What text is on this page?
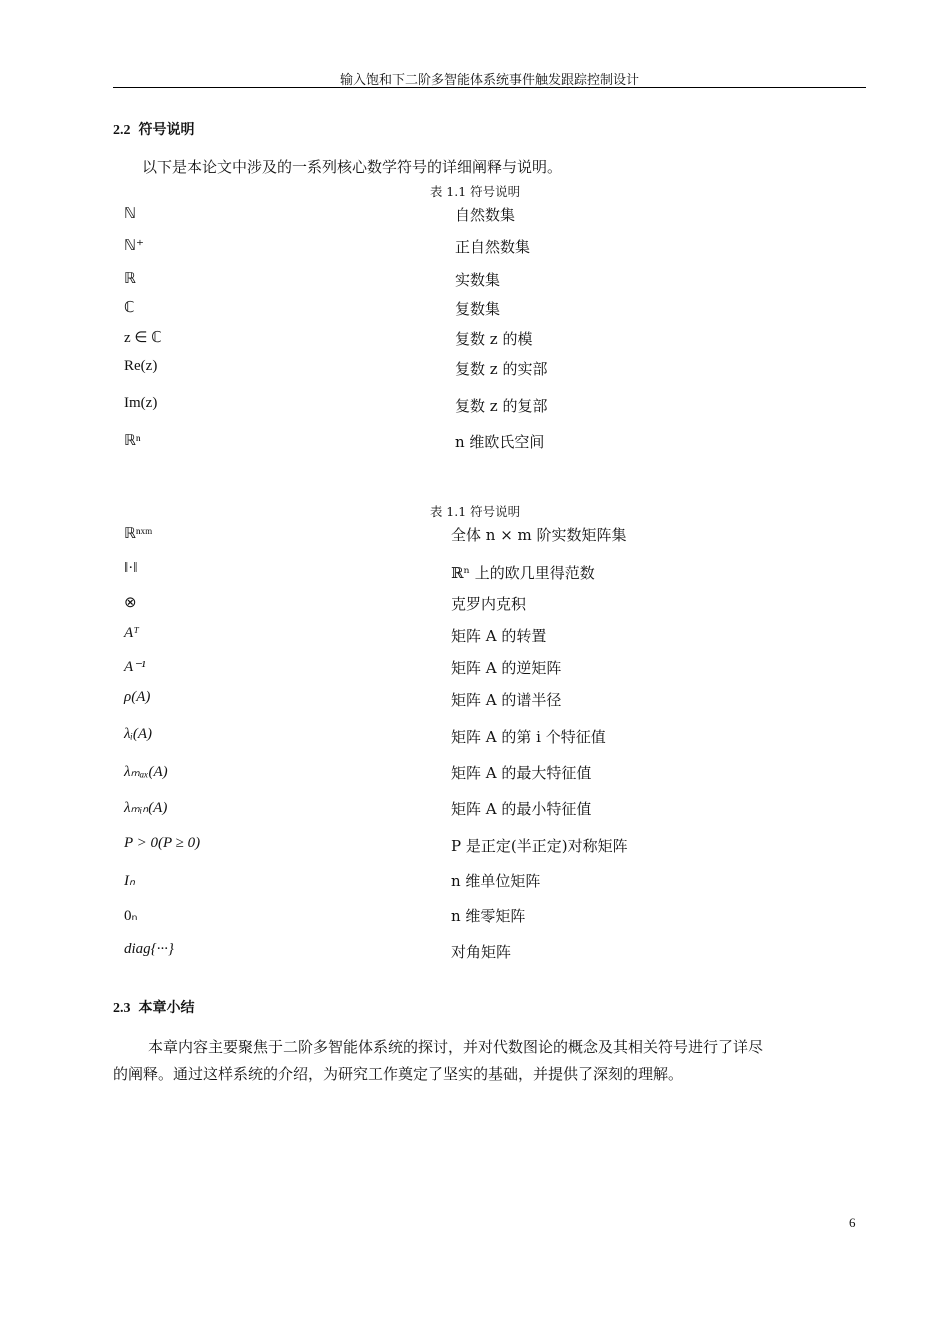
输入饱和下二阶多智能体系统事件触发跟踪控制设计
2.2 符号说明
以下是本论文中涉及的一系列核心数学符号的详细阐释与说明。
表 1.1 符号说明
ℕ	自然数集
ℕ⁺	正自然数集
ℝ	实数集
ℂ	复数集
z ∈ ℂ	复数 z 的模
Re(z)	复数 z 的实部
Im(z)	复数 z 的复部
ℝⁿ	n 维欧氏空间
表 1.1 符号说明
ℝⁿˣᵐ	全体 n × m 阶实数矩阵集
‖·‖	ℝⁿ 上的欧几里得范数
⊗	克罗内克积
Aᵀ	矩阵 A 的转置
A⁻¹	矩阵 A 的逆矩阵
ρ(A)	矩阵 A 的谱半径
λᵢ(A)	矩阵 A 的第 i 个特征值
λₘₐₓ(A)	矩阵 A 的最大特征值
λₘᵢₙ(A)	矩阵 A 的最小特征值
P > 0(P ≥ 0)	P 是正定(半正定)对称矩阵
Iₙ	n 维单位矩阵
0ₙ	n 维零矩阵
diag{···}	对角矩阵
2.3 本章小结
本章内容主要聚焦于二阶多智能体系统的探讨，并对代数图论的概念及其相关符号进行了详尽
的阐释。通过这样系统的介绍，为研究工作奠定了坚实的基础，并提供了深刻的理解。
6
